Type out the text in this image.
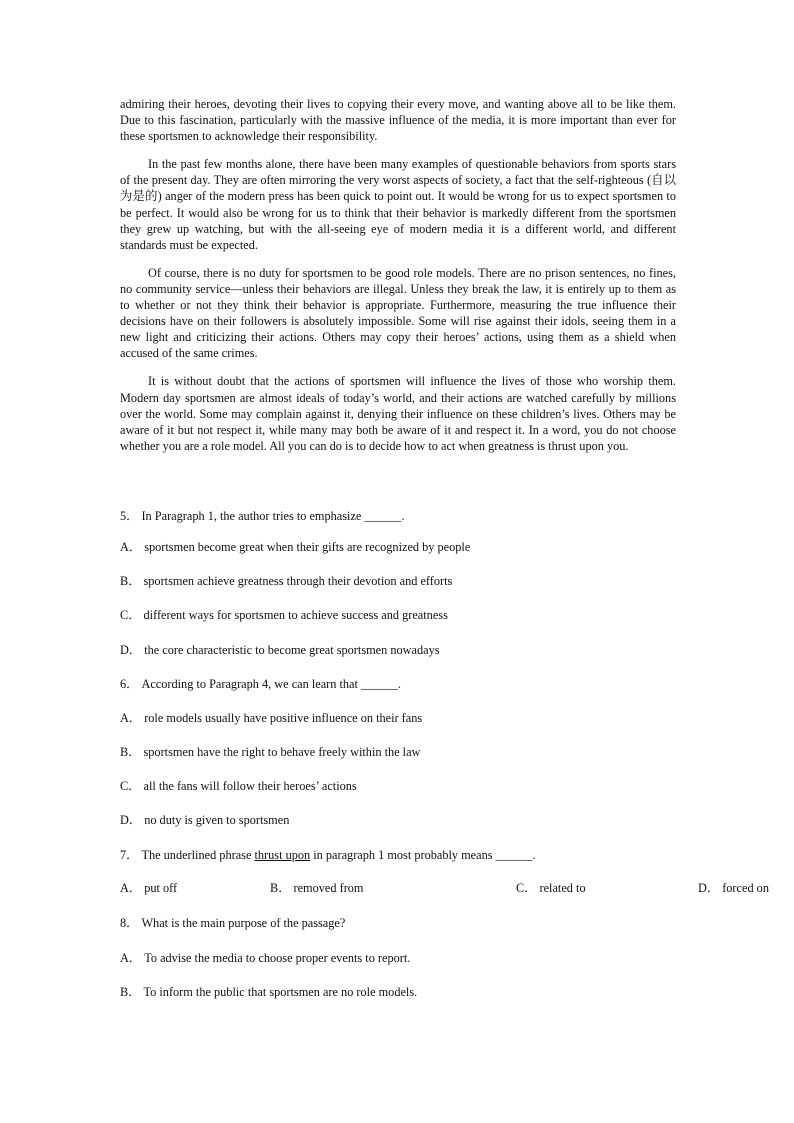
admiring their heroes, devoting their lives to copying their every move, and wanting above all to be like them. Due to this fascination, particularly with the massive influence of the media, it is more important than ever for these sportsmen to acknowledge their responsibility.

In the past few months alone, there have been many examples of questionable behaviors from sports stars of the present day. They are often mirroring the very worst aspects of society, a fact that the self-righteous (自以为是的) anger of the modern press has been quick to point out. It would be wrong for us to expect sportsmen to be perfect. It would also be wrong for us to think that their behavior is markedly different from the sportsmen they grew up watching, but with the all-seeing eye of modern media it is a different world, and different standards must be expected.

Of course, there is no duty for sportsmen to be good role models. There are no prison sentences, no fines, no community service—unless their behaviors are illegal. Unless they break the law, it is entirely up to them as to whether or not they think their behavior is appropriate. Furthermore, measuring the true influence their decisions have on their followers is absolutely impossible. Some will rise against their idols, seeing them in a new light and criticizing their actions. Others may copy their heroes’ actions, using them as a shield when accused of the same crimes.

It is without doubt that the actions of sportsmen will influence the lives of those who worship them. Modern day sportsmen are almost ideals of today’s world, and their actions are watched carefully by millions over the world. Some may complain against it, denying their influence on these children’s lives. Others may be aware of it but not respect it, while many may both be aware of it and respect it. In a word, you do not choose whether you are a role model. All you can do is to decide how to act when greatness is thrust upon you.

5． In Paragraph 1, the author tries to emphasize ______.
A． sportsmen become great when their gifts are recognized by people
B． sportsmen achieve greatness through their devotion and efforts
C． different ways for sportsmen to achieve success and greatness
D． the core characteristic to become great sportsmen nowadays
6． According to Paragraph 4, we can learn that ______.
A． role models usually have positive influence on their fans
B． sportsmen have the right to behave freely within the law
C． all the fans will follow their heroes’ actions
D． no duty is given to sportsmen
7． The underlined phrase thrust upon in paragraph 1 most probably means ______.
A． put off	B． removed from	C． related to	D． forced on
8． What is the main purpose of the passage?
A． To advise the media to choose proper events to report.
B． To inform the public that sportsmen are no role models.
